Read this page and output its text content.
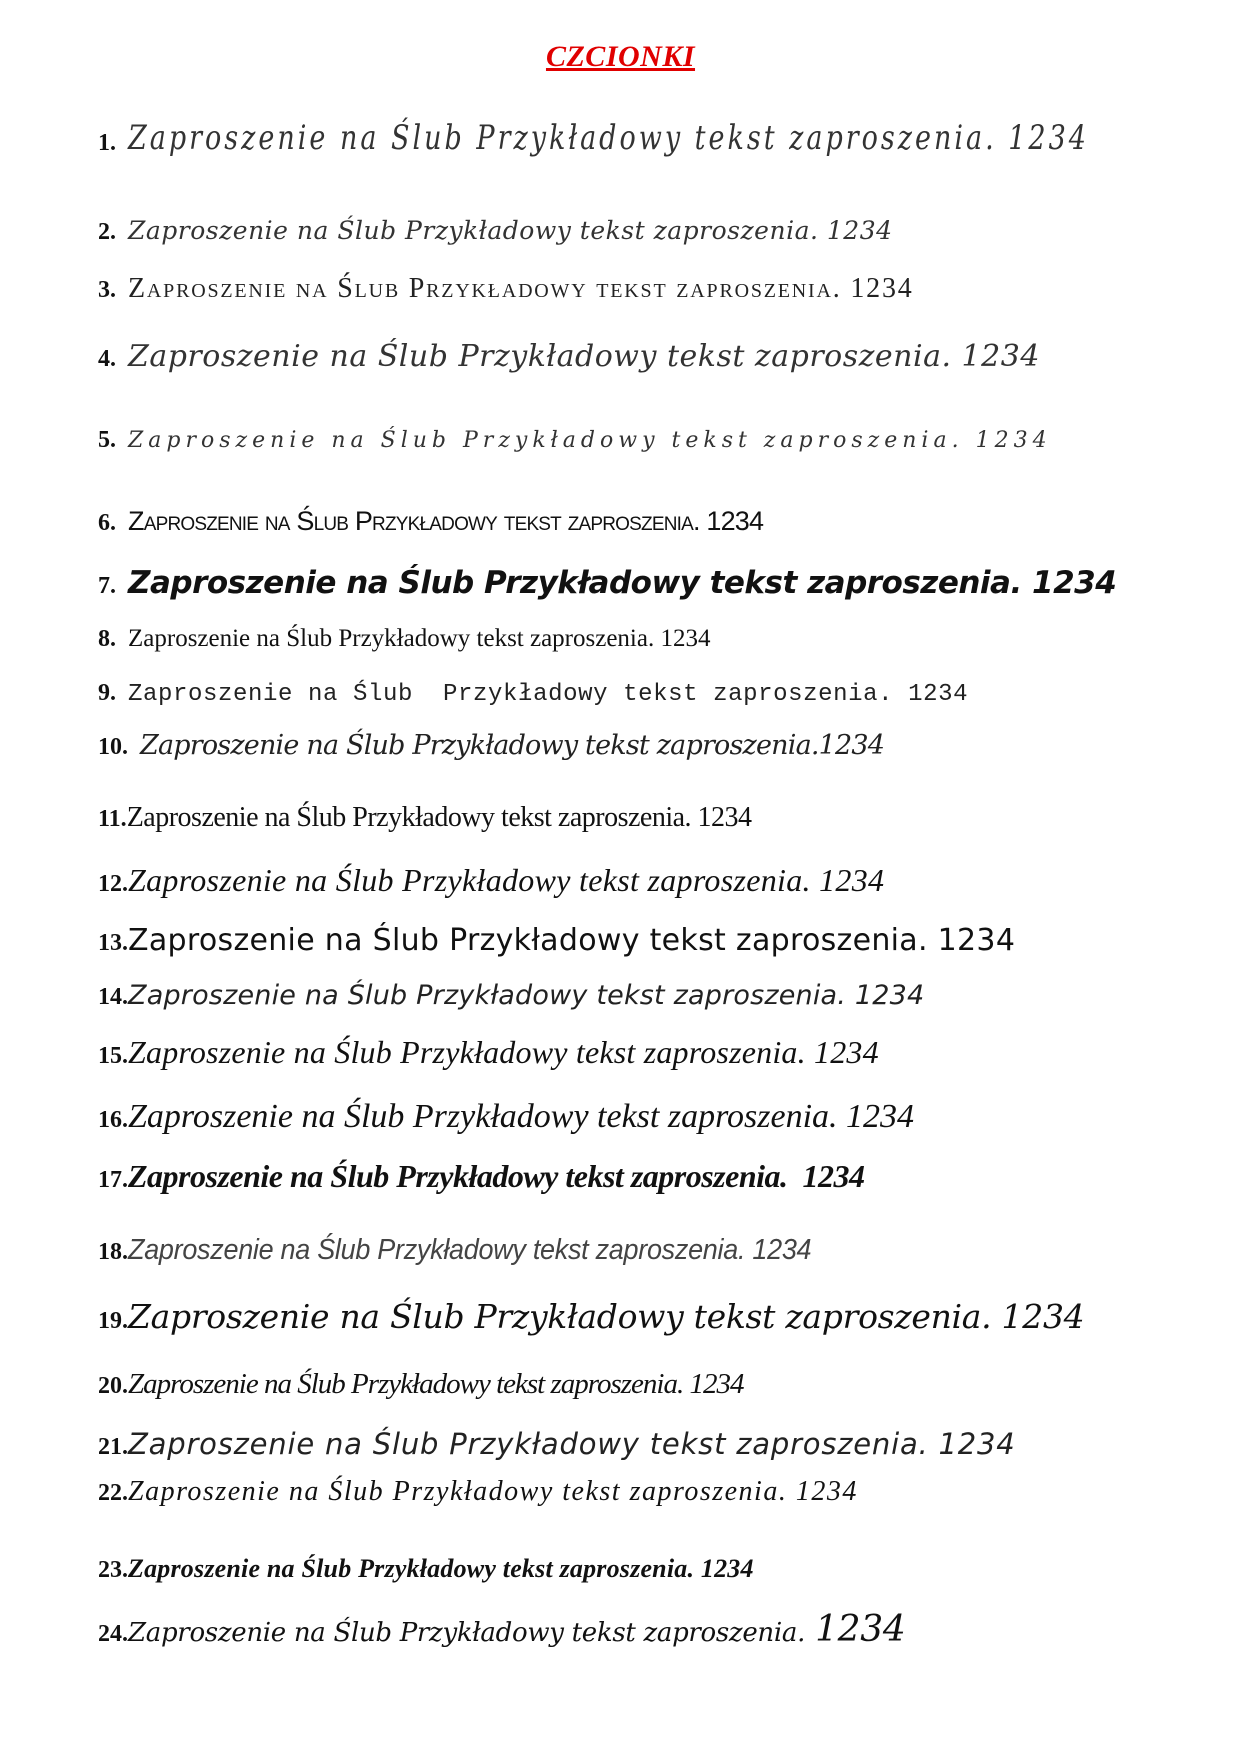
CZCIONKI
1. Zaproszenie na Ślub Przykładowy tekst zaproszenia. 1234
2. Zaproszenie na Ślub Przykładowy tekst zaproszenia. 1234
3. Zaproszenie na Ślub Przykładowy tekst zaproszenia. 1234
4. Zaproszenie na Ślub Przykładowy tekst zaproszenia. 1234
5. Zaproszenie na Ślub Przykładowy tekst zaproszenia. 1234
6. Zaproszenie na Ślub Przykładowy tekst zaproszenia. 1234
7. Zaproszenie na Ślub Przykładowy tekst zaproszenia. 1234
8. Zaproszenie na Ślub Przykładowy tekst zaproszenia. 1234
9. Zaproszenie na Ślub  Przykładowy tekst zaproszenia. 1234
10. Zaproszenie na Ślub Przykładowy tekst zaproszenia.1234
11.Zaproszenie na Ślub Przykładowy tekst zaproszenia. 1234
12.Zaproszenie na Ślub Przykładowy tekst zaproszenia. 1234
13.Zaproszenie na Ślub Przykładowy tekst zaproszenia. 1234
14.Zaproszenie na Ślub Przykładowy tekst zaproszenia. 1234
15.Zaproszenie na Ślub Przykładowy tekst zaproszenia. 1234
16.Zaproszenie na Ślub Przykładowy tekst zaproszenia. 1234
17.Zaproszenie na Ślub Przykładowy tekst zaproszenia.  1234
18.Zaproszenie na Ślub Przykładowy tekst zaproszenia. 1234
19.Zaproszenie na Ślub Przykładowy tekst zaproszenia. 1234
20.Zaproszenie na Ślub Przykładowy tekst zaproszenia. 1234
21.Zaproszenie na Ślub Przykładowy tekst zaproszenia. 1234
22.Zaproszenie na Ślub Przykładowy tekst zaproszenia. 1234
23.Zaproszenie na Ślub Przykładowy tekst zaproszenia. 1234
24.Zaproszenie na Ślub Przykładowy tekst zaproszenia. 1234
